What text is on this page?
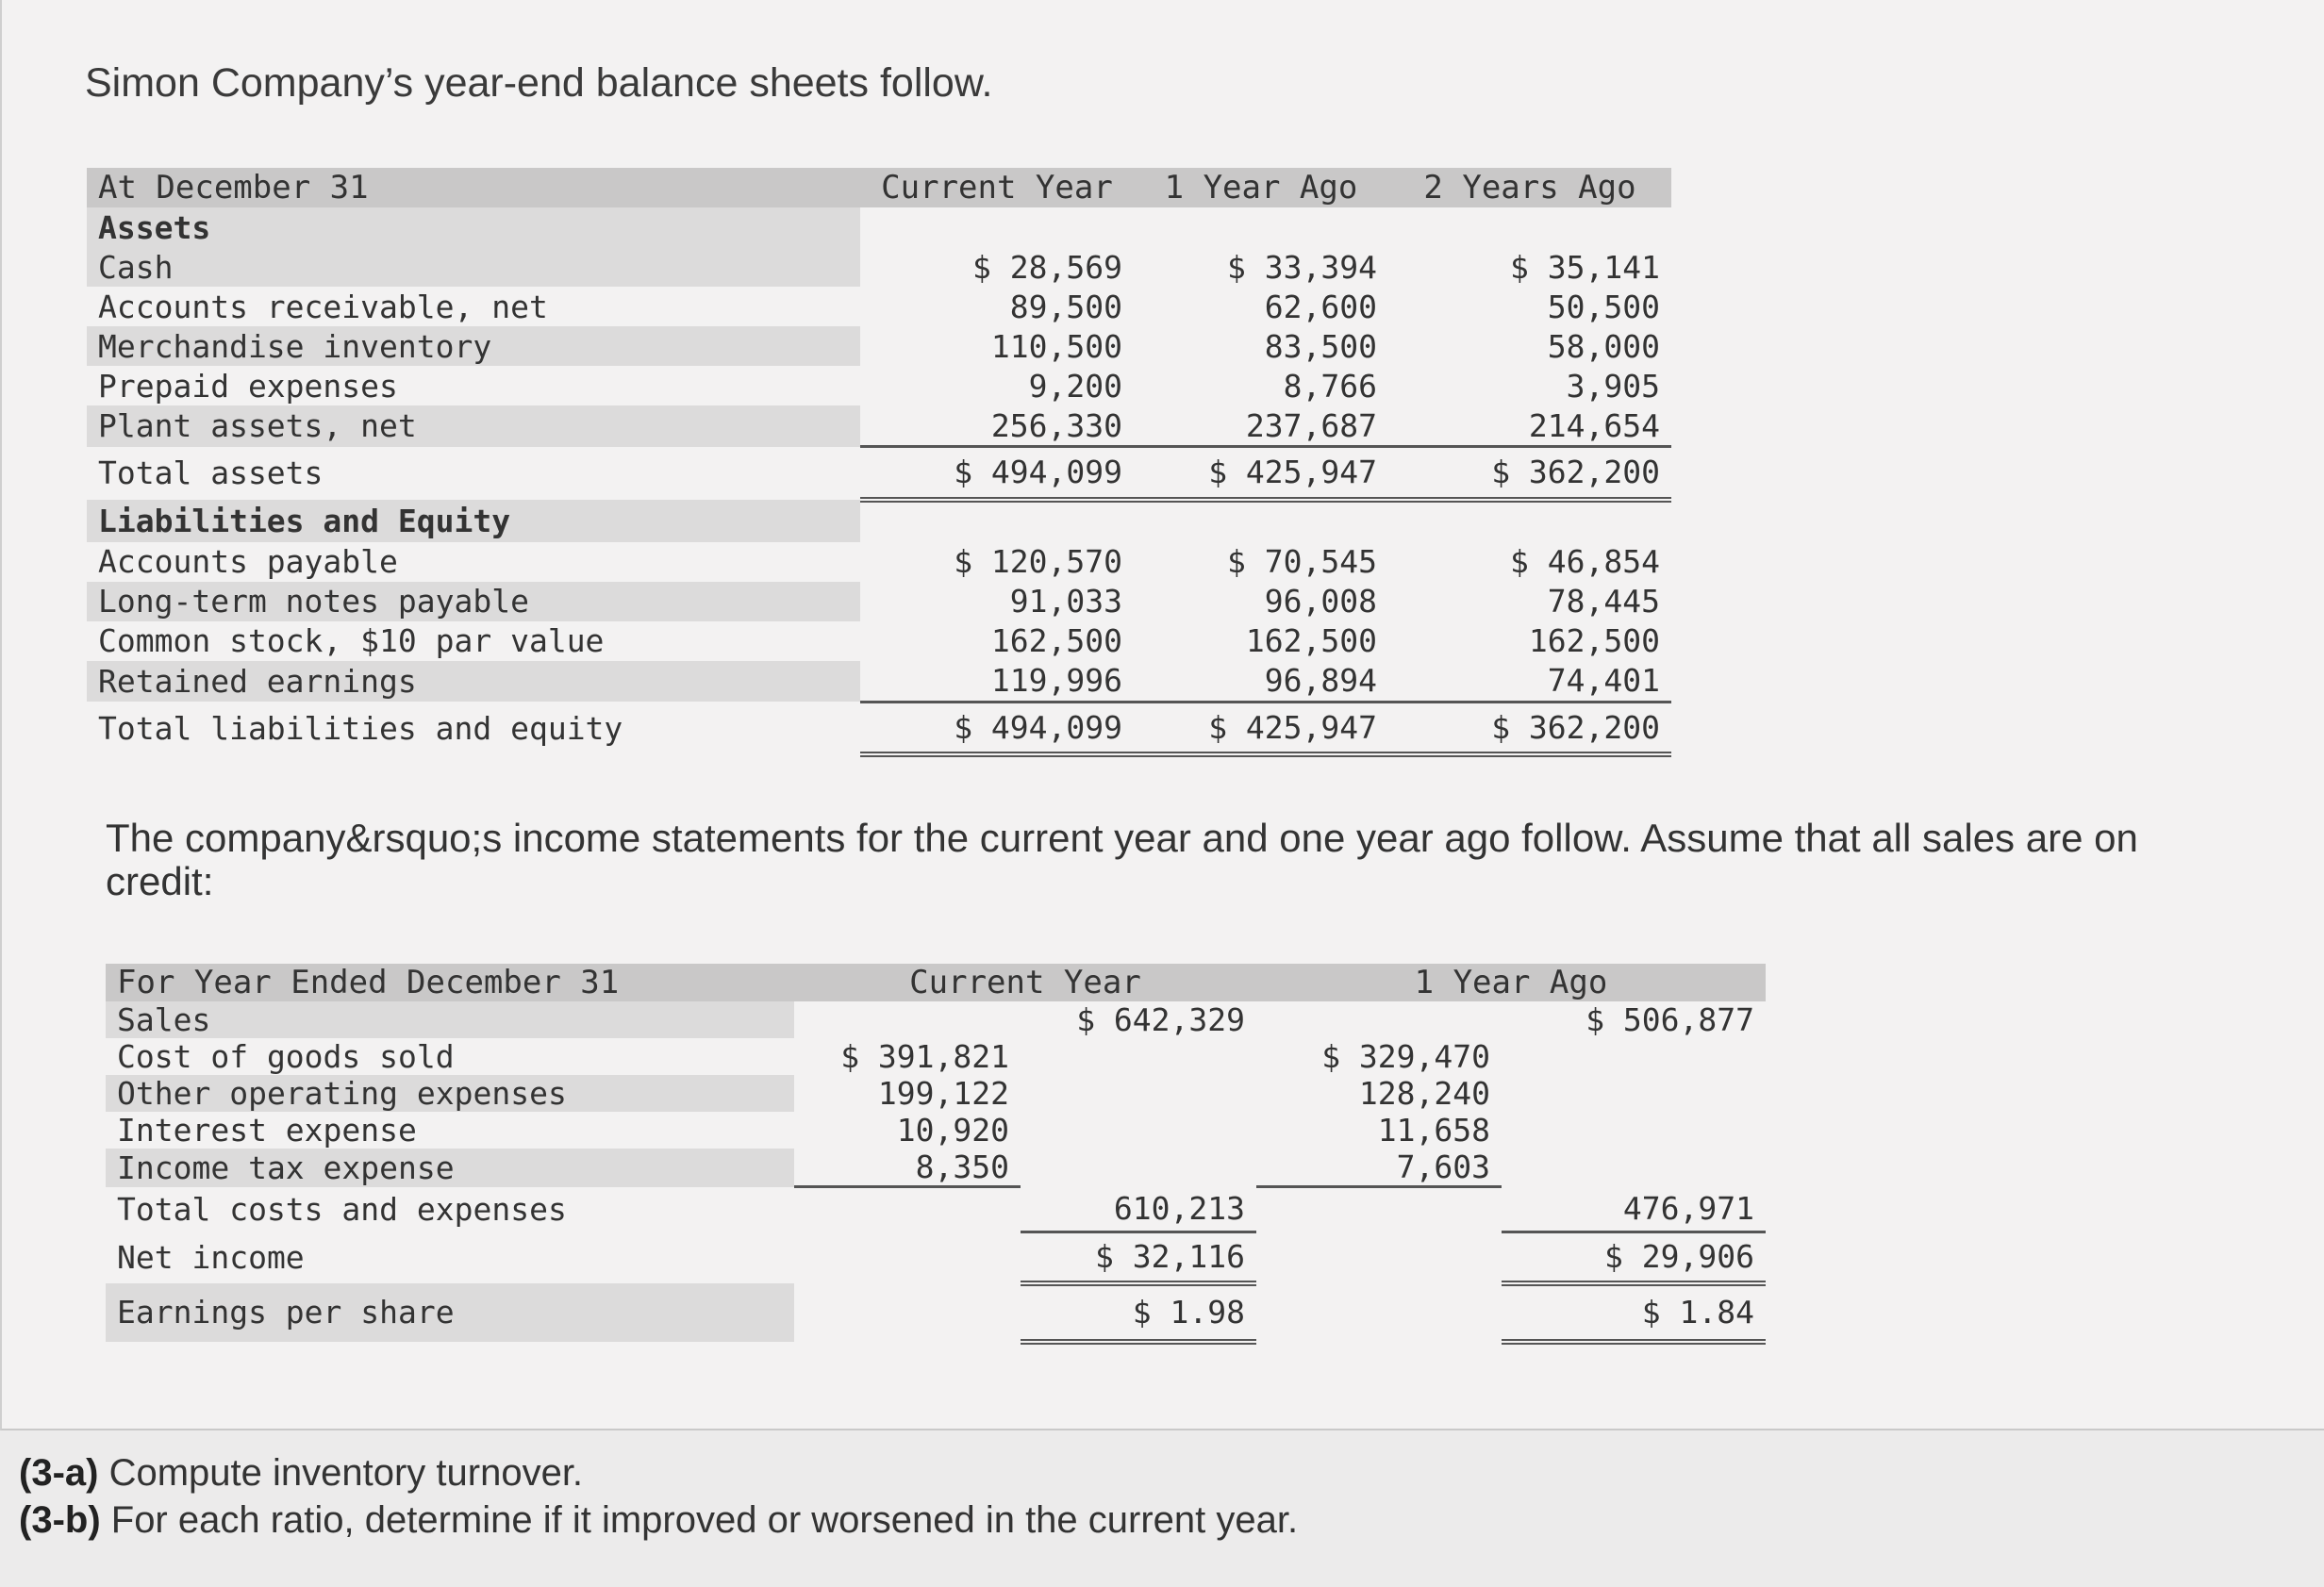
Simon Company’s year-end balance sheets follow.

At December 31	Current Year	1 Year Ago	2 Years Ago
Assets			
Cash	$ 28,569	$ 33,394	$ 35,141
Accounts receivable, net	89,500	62,600	50,500
Merchandise inventory	110,500	83,500	58,000
Prepaid expenses	9,200	8,766	3,905
Plant assets, net	256,330	237,687	214,654
Total assets	$ 494,099	$ 425,947	$ 362,200
Liabilities and Equity			
Accounts payable	$ 120,570	$ 70,545	$ 46,854
Long-term notes payable	91,033	96,008	78,445
Common stock, $10 par value	162,500	162,500	162,500
Retained earnings	119,996	96,894	74,401
Total liabilities and equity	$ 494,099	$ 425,947	$ 362,200

The company&rsquo;s income statements for the current year and one year ago follow. Assume that all sales are on credit:

For Year Ended December 31	Current Year		1 Year Ago	
Sales		$ 642,329		$ 506,877
Cost of goods sold	$ 391,821		$ 329,470	
Other operating expenses	199,122		128,240	
Interest expense	10,920		11,658	
Income tax expense	8,350		7,603	
Total costs and expenses		610,213		476,971
Net income		$ 32,116		$ 29,906
Earnings per share		$ 1.98		$ 1.84

(3-a) Compute inventory turnover.

(3-b) For each ratio, determine if it improved or worsened in the current year.
